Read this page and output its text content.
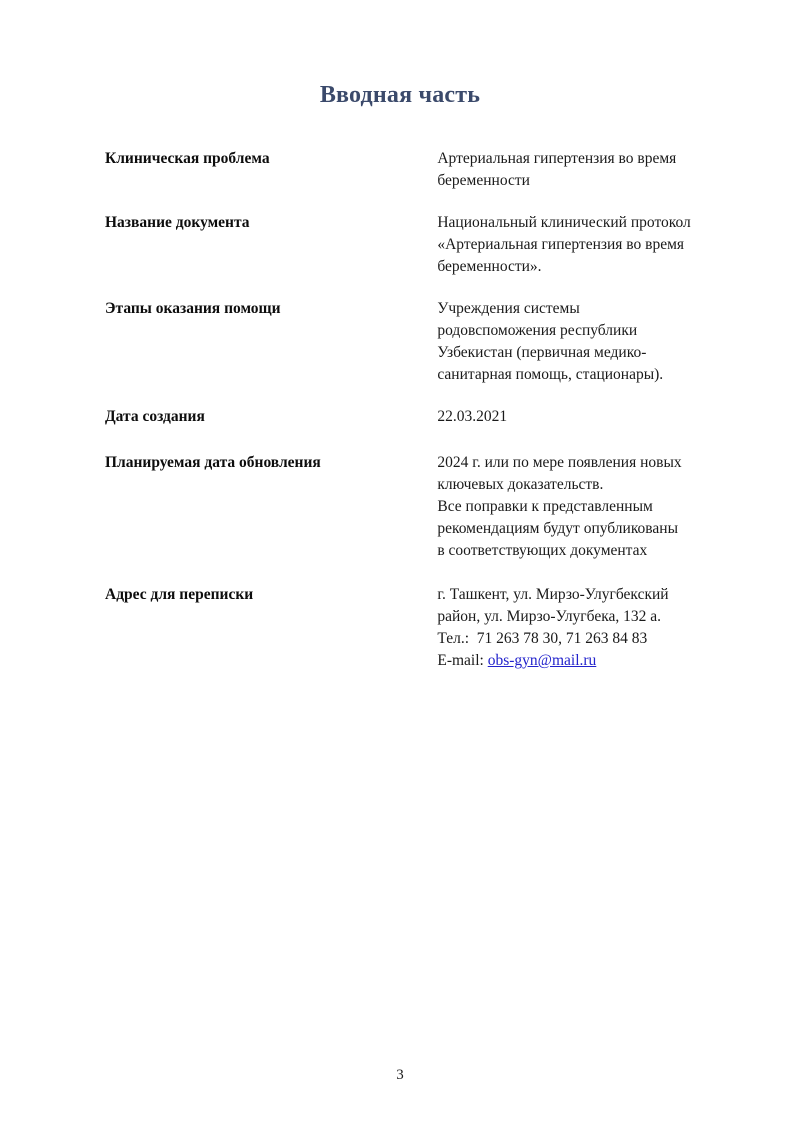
Вводная часть
Клиническая проблема	Артериальная гипертензия во время
беременности

Название документа	Национальный клинический протокол
«Артериальная гипертензия во время
беременности».

Этапы оказания помощи	Учреждения системы
родовспоможения республики
Узбекистан (первичная медико-
санитарная помощь, стационары).

Дата создания	22.03.2021

Планируемая дата обновления	2024 г. или по мере появления новых
ключевых доказательств.
Все поправки к представленным
рекомендациям будут опубликованы
в соответствующих документах

Адрес для переписки	г. Ташкент, ул. Мирзо-Улугбекский
район, ул. Мирзо-Улугбека, 132 а.
Тел.:  71 263 78 30, 71 263 84 83
E-mail: obs-gyn@mail.ru
3
